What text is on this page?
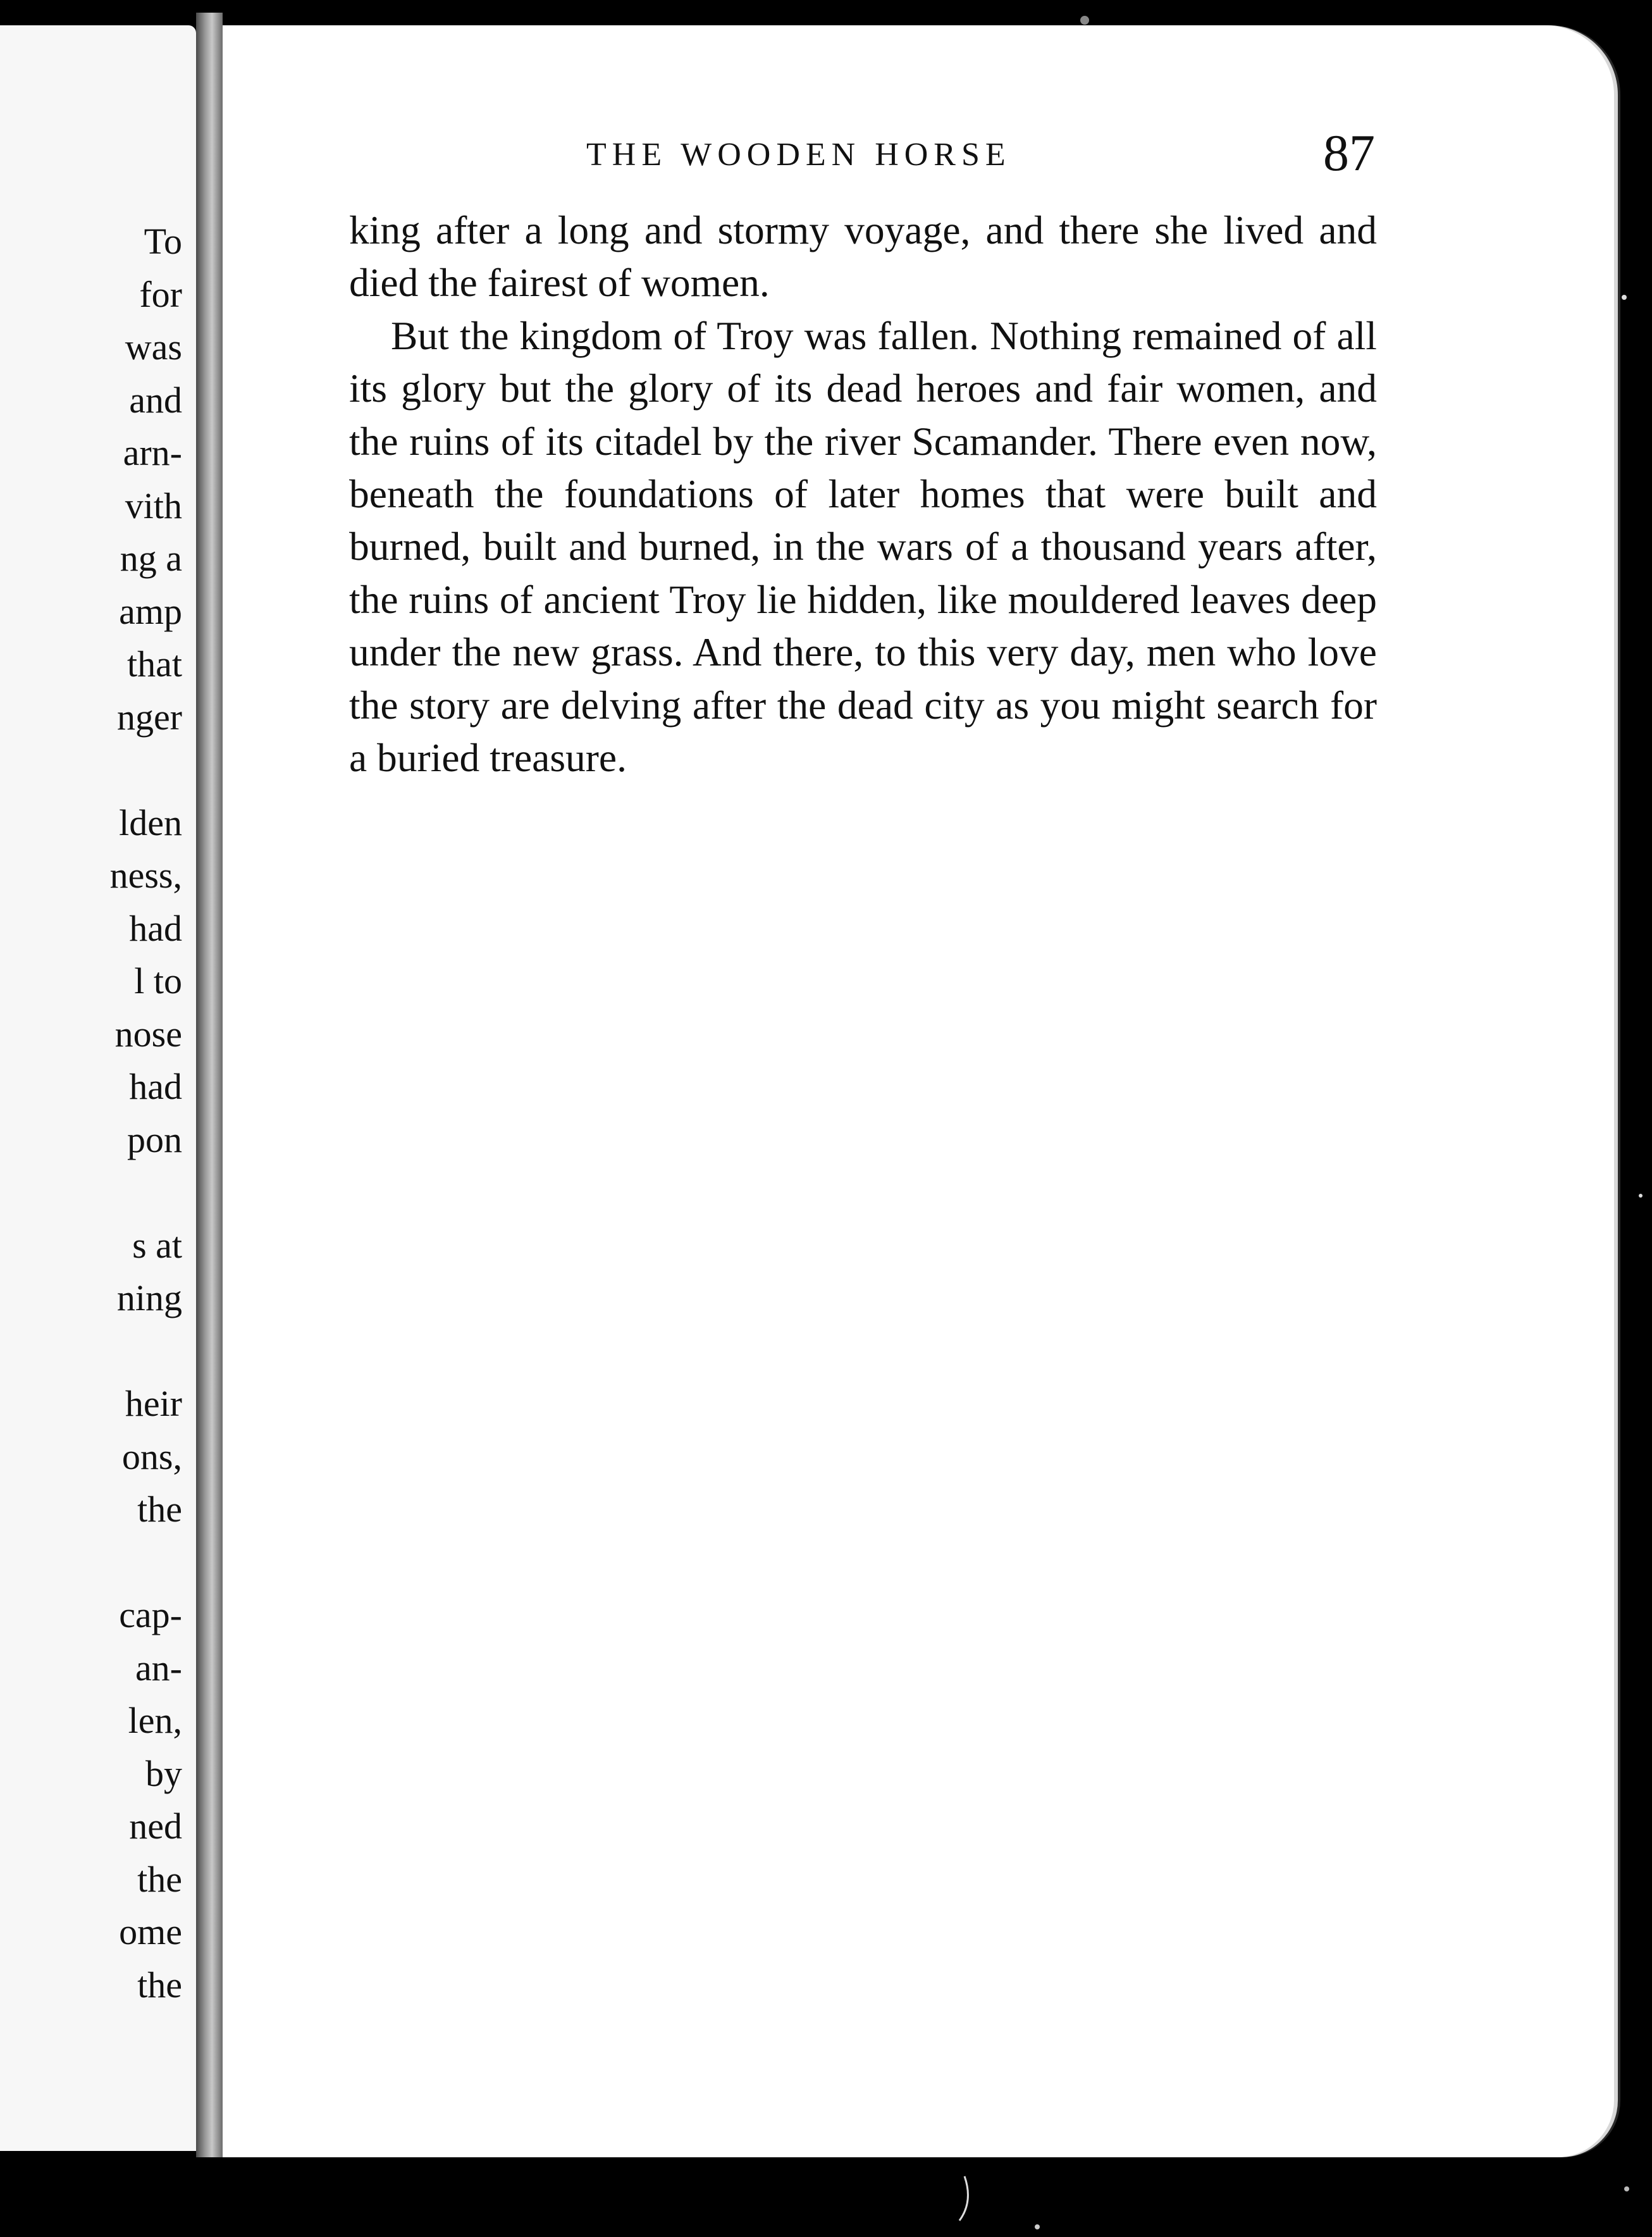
To
for
was
and
arn-
vith
ng a
amp
that
nger
lden
ness,
had
l to
nose
had
pon
s at
ning
heir
ons,
the
cap-
an-
len,
by
ned
the
ome
the
THE WOODEN HORSE	87

king after a long and stormy voyage, and there she lived and died the fairest of women.

But the kingdom of Troy was fallen. Nothing remained of all its glory but the glory of its dead heroes and fair women, and the ruins of its citadel by the river Scamander. There even now, beneath the foundations of later homes that were built and burned, built and burned, in the wars of a thousand years after, the ruins of ancient Troy lie hidden, like mouldered leaves deep under the new grass. And there, to this very day, men who love the story are delving after the dead city as you might search for a buried treasure.
